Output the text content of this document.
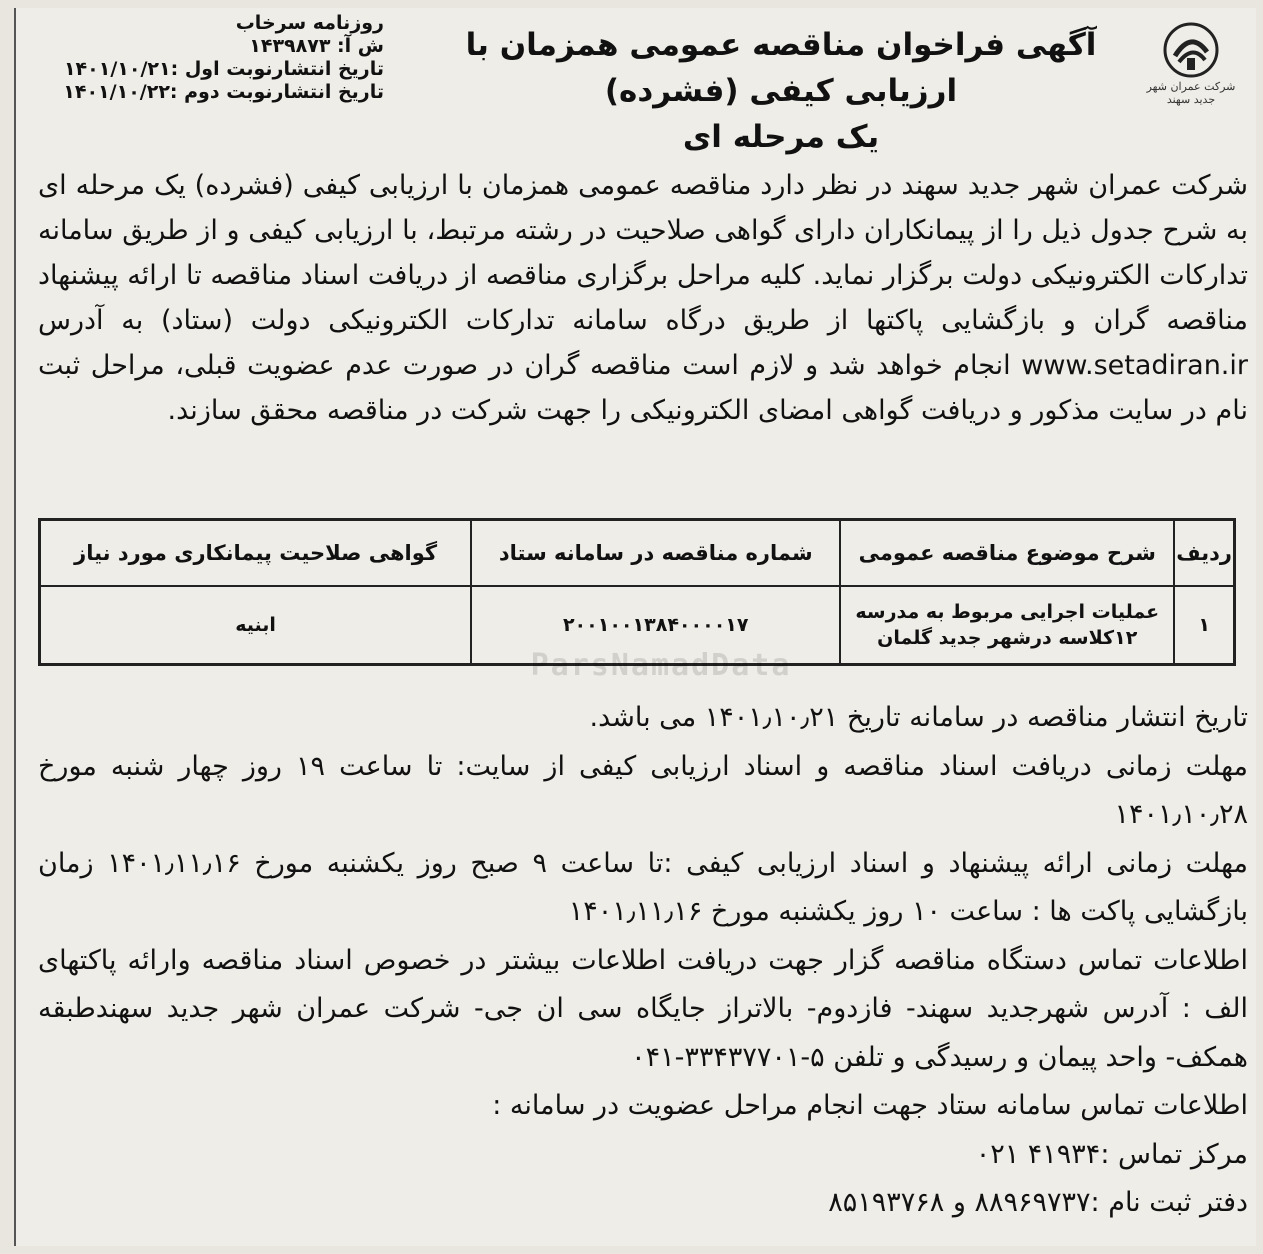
شرکت عمران شهر جدید سهند
آگهی فراخوان مناقصه عمومی همزمان با ارزیابی کیفی (فشرده)
یک مرحله ای
روزنامه سرخاب
ش آ: ۱۴۳۹۸۷۳
تاریخ انتشارنوبت اول :۱۴۰۱/۱۰/۲۱
تاریخ انتشارنوبت دوم :۱۴۰۱/۱۰/۲۲

شرکت عمران شهر جدید سهند در نظر دارد مناقصه عمومی همزمان با ارزیابی کیفی (فشرده) یک مرحله ای به شرح جدول ذیل را از پیمانکاران دارای گواهی صلاحیت در رشته مرتبط، با ارزیابی کیفی و از طریق سامانه تدارکات الکترونیکی دولت برگزار نماید. کلیه مراحل برگزاری مناقصه از دریافت اسناد مناقصه تا ارائه پیشنهاد مناقصه گران و بازگشایی پاکتها از طریق درگاه سامانه تدارکات الکترونیکی دولت (ستاد) به آدرس www.setadiran.ir انجام خواهد شد و لازم است مناقصه گران در صورت عدم عضویت قبلی، مراحل ثبت نام در سایت مذکور و دریافت گواهی امضای الکترونیکی را جهت شرکت در مناقصه محقق سازند.

ردیف	شرح موضوع مناقصه عمومی	شماره مناقصه در سامانه ستاد	گواهی صلاحیت پیمانکاری مورد نیاز
۱	عملیات اجرایی مربوط به مدرسه ۱۲کلاسه درشهر جدید گلمان	۲۰۰۱۰۰۱۳۸۴۰۰۰۰۱۷	ابنیه
ParsNamadData

تاریخ انتشار مناقصه در سامانه تاریخ ۱۴۰۱٫۱۰٫۲۱ می باشد.

مهلت زمانی دریافت اسناد مناقصه و اسناد ارزیابی کیفی از سایت: تا ساعت ۱۹ روز چهار شنبه مورخ ۱۴۰۱٫۱۰٫۲۸

مهلت زمانی ارائه پیشنهاد و اسناد ارزیابی کیفی :تا ساعت ۹ صبح روز یکشنبه مورخ ۱۴۰۱٫۱۱٫۱۶ زمان بازگشایی پاکت ها : ساعت ۱۰ روز یکشنبه مورخ ۱۴۰۱٫۱۱٫۱۶

اطلاعات تماس دستگاه مناقصه گزار جهت دریافت اطلاعات بیشتر در خصوص اسناد مناقصه وارائه پاکتهای الف : آدرس شهرجدید سهند- فازدوم- بالاتراز جایگاه سی ان جی- شرکت عمران شهر جدید سهندطبقه همکف- واحد پیمان و رسیدگی و تلفن ۵-۳۳۴۳۷۷۰۱-۰۴۱

اطلاعات تماس سامانه ستاد جهت انجام مراحل عضویت در سامانه :

مرکز تماس :۴۱۹۳۴ ۰۲۱

دفتر ثبت نام :۸۸۹۶۹۷۳۷ و ۸۵۱۹۳۷۶۸
